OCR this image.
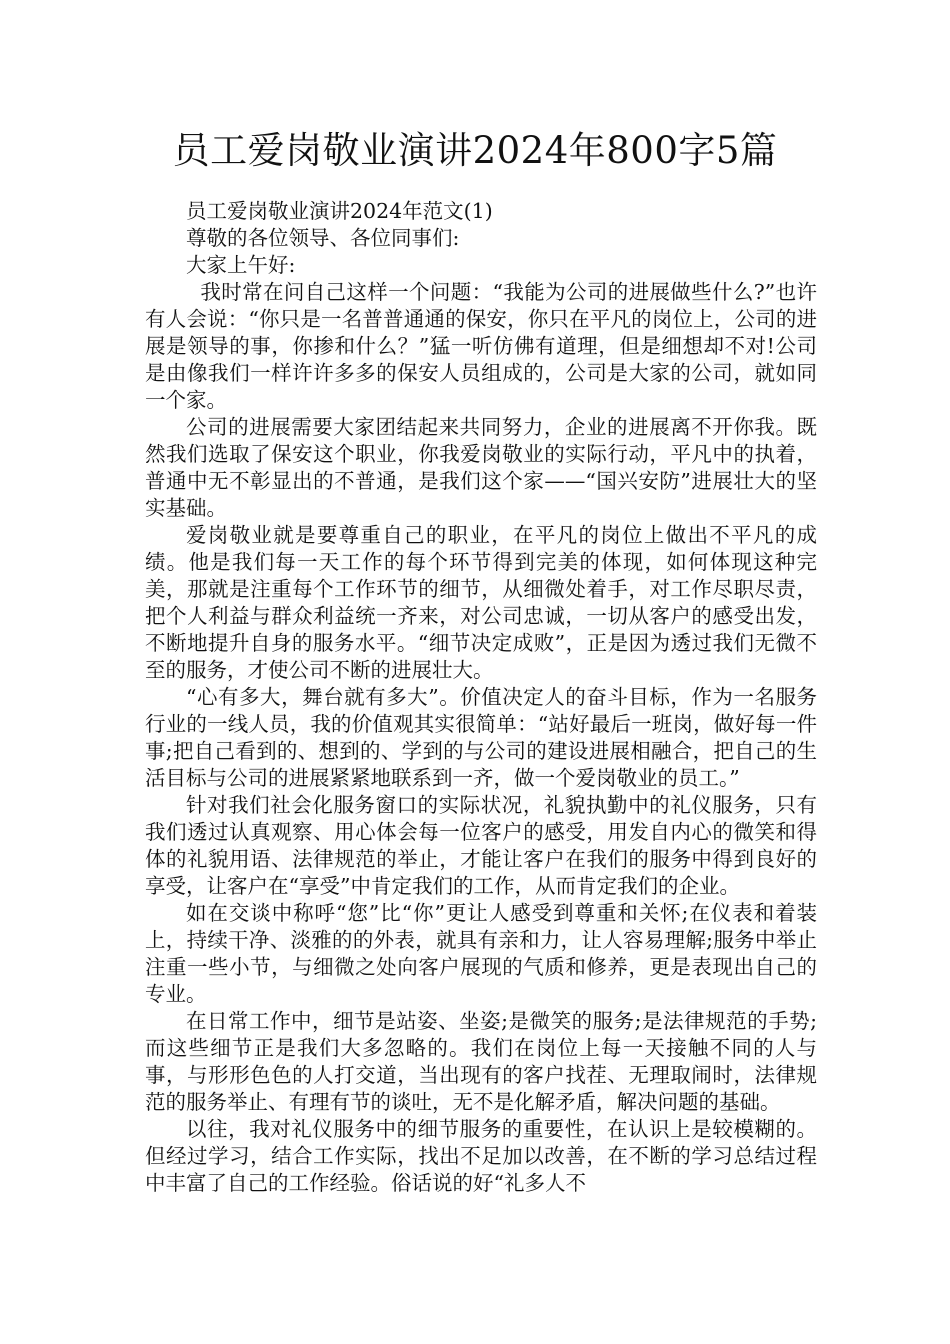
员工爱岗敬业演讲2024年800字5篇

员工爱岗敬业演讲2024年范文(1)

尊敬的各位领导、各位同事们:

大家上午好:

我时常在问自己这样一个问题：“我能为公司的进展做些什么?”也许有人会说：“你只是一名普普通通的保安，你只在平凡的岗位上，公司的进展是领导的事，你掺和什么？”猛一听仿佛有道理，但是细想却不对!公司是由像我们一样许许多多的保安人员组成的，公司是大家的公司，就如同一个家。

公司的进展需要大家团结起来共同努力，企业的进展离不开你我。既然我们选取了保安这个职业，你我爱岗敬业的实际行动，平凡中的执着，普通中无不彰显出的不普通，是我们这个家——“国兴安防”进展壮大的坚实基础。

爱岗敬业就是要尊重自己的职业，在平凡的岗位上做出不平凡的成绩。他是我们每一天工作的每个环节得到完美的体现，如何体现这种完美，那就是注重每个工作环节的细节，从细微处着手，对工作尽职尽责，把个人利益与群众利益统一齐来，对公司忠诚，一切从客户的感受出发，不断地提升自身的服务水平。“细节决定成败”，正是因为透过我们无微不至的服务，才使公司不断的进展壮大。

“心有多大，舞台就有多大”。价值决定人的奋斗目标，作为一名服务行业的一线人员，我的价值观其实很简单：“站好最后一班岗，做好每一件事;把自己看到的、想到的、学到的与公司的建设进展相融合，把自己的生活目标与公司的进展紧紧地联系到一齐，做一个爱岗敬业的员工。”

针对我们社会化服务窗口的实际状况，礼貌执勤中的礼仪服务，只有我们透过认真观察、用心体会每一位客户的感受，用发自内心的微笑和得体的礼貌用语、法律规范的举止，才能让客户在我们的服务中得到良好的享受，让客户在“享受”中肯定我们的工作，从而肯定我们的企业。

如在交谈中称呼“您”比“你”更让人感受到尊重和关怀;在仪表和着装上，持续干净、淡雅的的外表，就具有亲和力，让人容易理解;服务中举止注重一些小节，与细微之处向客户展现的气质和修养，更是表现出自己的专业。

在日常工作中，细节是站姿、坐姿;是微笑的服务;是法律规范的手势;而这些细节正是我们大多忽略的。我们在岗位上每一天接触不同的人与事，与形形色色的人打交道，当出现有的客户找茬、无理取闹时，法律规范的服务举止、有理有节的谈吐，无不是化解矛盾，解决问题的基础。

以往，我对礼仪服务中的细节服务的重要性，在认识上是较模糊的。但经过学习，结合工作实际，找出不足加以改善，在不断的学习总结过程中丰富了自己的工作经验。俗话说的好“礼多人不
